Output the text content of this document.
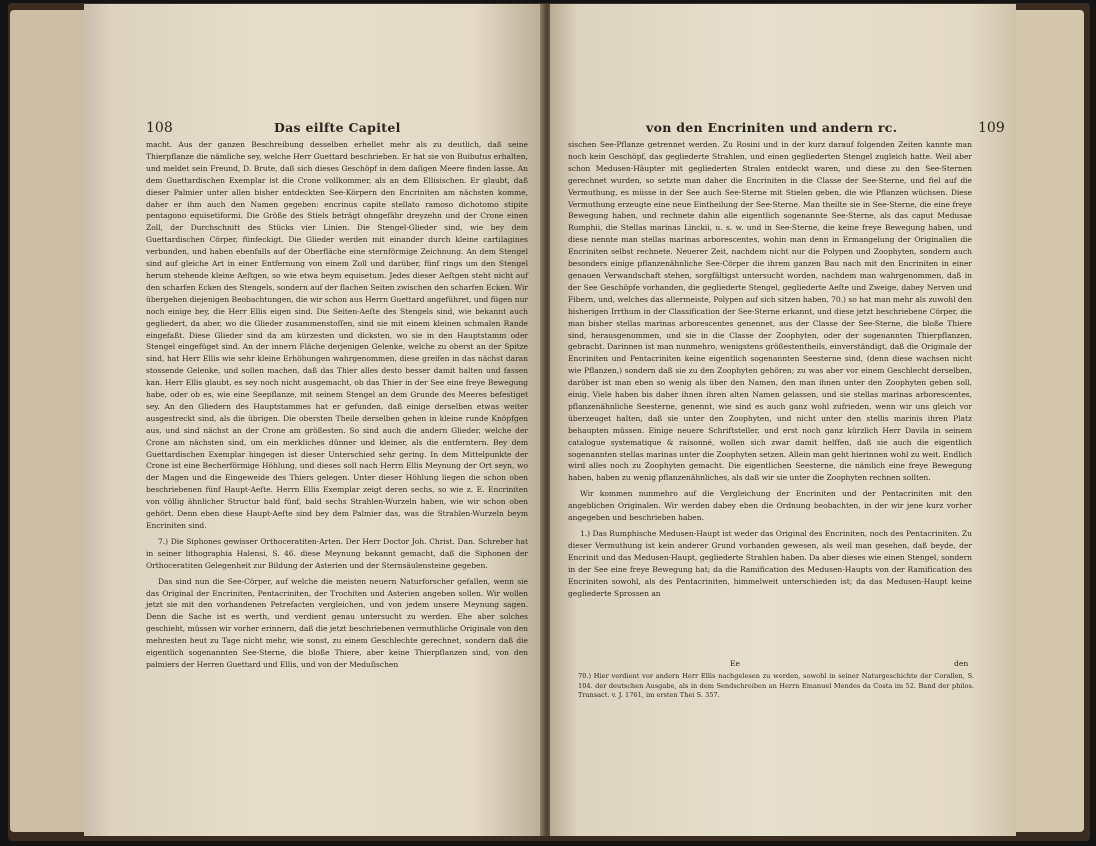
108	Das eilfte Capitel

macht. Aus der ganzen Beschreibung desselben erhellet mehr als zu deutlich, daß seine Thierpflanze die nämliche sey, welche Herr Guettard beschrieben. Er hat sie von Buibutus erhalten, und meldet sein Freund, D. Brute, daß sich dieses Geschöpf in dem daſigen Meere finden lasse. An dem Guettardischen Exemplar ist die Crone vollkommer, als an dem Ellisischen. Er glaubt, daß dieser Palmier unter allen bisher entdeckten See-Körpern den Encriniten am nächsten komme, daher er ihm auch den Namen gegeben: encrinus capite stellato ramoso dichotomo stipite pentagono equisetiformi. Die Größe des Stiels beträgt ohngefähr dreyzehn und der Crone einen Zoll, der Durchschnitt des Stücks vier Linien. Die Stengel-Glieder sind, wie bey dem Guettardischen Cörper, fünfeckigt. Die Glieder werden mit einander durch kleine cartilagines verbunden, und haben ebenfalls auf der Oberfläche eine sternförmige Zeichnung. An dem Stengel sind auf gleiche Art in einer Entfernung von einem Zoll und darüber, fünf rings um den Stengel herum stehende kleine Aeſtgen, so wie etwa beym equisetum. Jedes dieser Aeſtgen steht nicht auf den scharfen Ecken des Stengels, sondern auf der flachen Seiten zwischen den scharfen Ecken. Wir übergehen diejenigen Beobachtungen, die wir schon aus Herrn Guettard angeführet, und fügen nur noch einige bey, die Herr Ellis eigen sind. Die Seiten-Aeſte des Stengels sind, wie bekannt auch gegliedert, da aber, wo die Glieder zusammenstoſſen, sind sie mit einem kleinen schmalen Rande eingefaßt. Diese Glieder sind da am kürzesten und dicksten, wo sie in den Hauptstamm oder Stengel eingefüget sind. An der innern Fläche derjenigen Gelenke, welche zu oberst an der Spitze sind, hat Herr Ellis wie sehr kleine Erhöhungen wahrgenommen, diese greifen in das nächst daran stossende Gelenke, und sollen machen, daß das Thier alles desto besser damit halten und fassen kan. Herr Ellis glaubt, es sey noch nicht ausgemacht, ob das Thier in der See eine freye Bewegung habe, oder ob es, wie eine Seepflanze, mit seinem Stengel an dem Grunde des Meeres befestiget sey. An den Gliedern des Hauptstammes hat er gefunden, daß einige derselben etwas weiter ausgestreckt sind, als die übrigen. Die obersten Theile derselben gehen in kleine runde Knöpfgen aus, und sind nächst an der Crone am größesten. So sind auch die andern Glieder, welche der Crone am nächsten sind, um ein merkliches dünner und kleiner, als die entferntern. Bey dem Guettardischen Exemplar hingegen ist dieser Unterschied sehr gering. In dem Mittelpunkte der Crone ist eine Becherförmige Höhlung, und dieses soll nach Herrn Ellis Meynung der Ort seyn, wo der Magen und die Eingeweide des Thiers gelegen. Unter dieser Höhlung liegen die schon oben beschriebenen fünf Haupt-Aeſte. Herrn Ellis Exemplar zeigt deren sechs, so wie z. E. Encriniten von völlig ähnlicher Structur bald fünf, bald sechs Strahlen-Wurzeln haben, wie wir schon oben gehört. Denn eben diese Haupt-Aeſte sind bey dem Palmier das, was die Strahlen-Wurzeln beym Encriniten sind.

7.) Die Siphones gewisser Orthoceratiten-Arten. Der Herr Doctor Joh. Christ. Dan. Schreber hat in seiner lithographia Halensi, S. 46. diese Meynung bekannt gemacht, daß die Siphonen der Orthoceratiten Gelegenheit zur Bildung der Asterien und der Sternsäulensteine gegeben.

Das sind nun die See-Cörper, auf welche die meisten neuern Naturforscher gefallen, wenn sie das Original der Encriniten, Pentacriniten, der Trochiten und Asterien angeben sollen. Wir wollen jetzt sie mit den vorhandenen Petrefacten vergleichen, und von jedem unsere Meynung sagen. Denn die Sache ist es werth, und verdient genau untersucht zu werden. Ehe aber solches geschieht, müssen wir vorher erinnern, daß die jetzt beschriebenen vermuthliche Originale von den mehresten heut zu Tage nicht mehr, wie sonst, zu einem Geschlechte gerechnet, sondern daß die eigentlich sogenannten See-Sterne, die bloße Thiere, aber keine Thierpflanzen sind, von den palmiers der Herren Guettard und Ellis, und von der Meduſischen

von den Encriniten und andern rc.	109

sischen See-Pflanze getrennet werden. Zu Rosini und in der kurz darauf folgenden Zeiten kannte man noch kein Geschöpf, das gegliederte Strahlen, und einen gegliederten Stengel zugleich hatte. Weil aber schon Medusen-Häupter mit gegliederten Stralen entdeckt waren, und diese zu den See-Sternen gerechnet wurden, so setzte man daher die Encriniten in die Classe der See-Sterne, und fiel auf die Vermuthung, es müsse in der See auch See-Sterne mit Stielen geben, die wie Pflanzen wüchsen. Diese Vermuthung erzeugte eine neue Eintheilung der See-Sterne. Man theilte sie in See-Sterne, die eine freye Bewegung haben, und rechnete dahin alle eigentlich sogenannte See-Sterne, als das caput Medusae Rumphii, die Stellas marinas Linckii, u. s. w. und in See-Sterne, die keine freye Bewegung haben, und diese nennte man stellas marinas arborescentes, wohin man denn in Ermangelung der Originalien die Encriniten selbst rechnete. Neuerer Zeit, nachdem nicht nur die Polypen und Zoophyten, sondern auch besonders einige pflanzenähnliche See-Cörper die ihrem ganzen Bau nach mit den Encriniten in einer genauen Verwandschaft stehen, sorgfältigst untersucht worden, nachdem man wahrgenommen, daß in der See Geschöpfe vorhanden, die gegliederte Stengel, gegliederte Aeſte und Zweige, dabey Nerven und Fibern, und, welches das allermeiste, Polypen auf sich sitzen haben, 70.) so hat man mehr als zuwohl den bisherigen Irrthum in der Classification der See-Sterne erkannt, und diese jetzt beschriebene Cörper, die man bisher stellas marinas arborescentes genennet, aus der Classe der See-Sterne, die bloße Thiere sind, herausgenommen, und sie in die Classe der Zoophyten, oder der sogenannten Thierpflanzen, gebracht. Darinnen ist man nunmehro, wenigstens größestentheils, einverständigt, daß die Originale der Encriniten und Pentacriniten keine eigentlich sogenannten Seesterne sind, (denn diese wachsen nicht wie Pflanzen,) sondern daß sie zu den Zoophyten gehören; zu was aber vor einem Geschlecht derselben, darüber ist man eben so wenig als über den Namen, den man ihnen unter den Zoophyten geben soll, einig. Viele haben bis daher ihnen ihren alten Namen gelassen, und sie stellas marinas arborescentes, pflanzenähnliche Seesterne, genennt, wie sind es auch ganz wohl zufrieden, wenn wir uns gleich vor überzeuget halten, daß sie unter den Zoophyten, und nicht unter den stellis marinis ihren Platz behaupten müssen. Einige neuere Schriftsteller, und erst noch ganz kürzlich Herr Davila in seinem catalogue systematique & raisonné, wollen sich zwar damit helffen, daß sie auch die eigentlich sogenannten stellas marinas unter die Zoophyten setzen. Allein man geht hierinnen wohl zu weit. Endlich wird alles noch zu Zoophyten gemacht. Die eigentlichen Seesterne, die nämlich eine freye Bewegung haben, haben zu wenig pflanzenähnliches, als daß wir sie unter die Zoophyten rechnen sollten.

Wir kommen nunmehro auf die Vergleichung der Encriniten und der Pentacriniten mit den angeblichen Originalen. Wir werden dabey eben die Ordnung beobachten, in der wir jene kurz vorher angegeben und beschrieben haben.

1.) Das Rumphische Medusen-Haupt ist weder das Original des Encriniten, noch des Pentacriniten. Zu dieser Vermuthung ist kein anderer Grund vorhanden gewesen, als weil man gesehen, daß beyde, der Encrinit und das Medusen-Haupt, gegliederte Strahlen haben. Da aber dieses wie einen Stengel, sondern in der See eine freye Bewegung hat; da die Ramification des Medusen-Haupts von der Ramification des Encriniten sowohl, als des Pentacriniten, himmelweit unterschieden ist; da das Medusen-Haupt keine gegliederte Sprossen an

Ee	den
70.) Hier verdient vor andern Herr Ellis nachgelesen zu werden, sowohl in seiner Naturgeschichte der Corallen, S. 104. der deutschen Ausgabe, als in dem Sendschreiben an Herrn Emanuel Mendes da Costa im 52. Band der philos. Transact. v. J. 1761, im ersten Thei S. 357.
